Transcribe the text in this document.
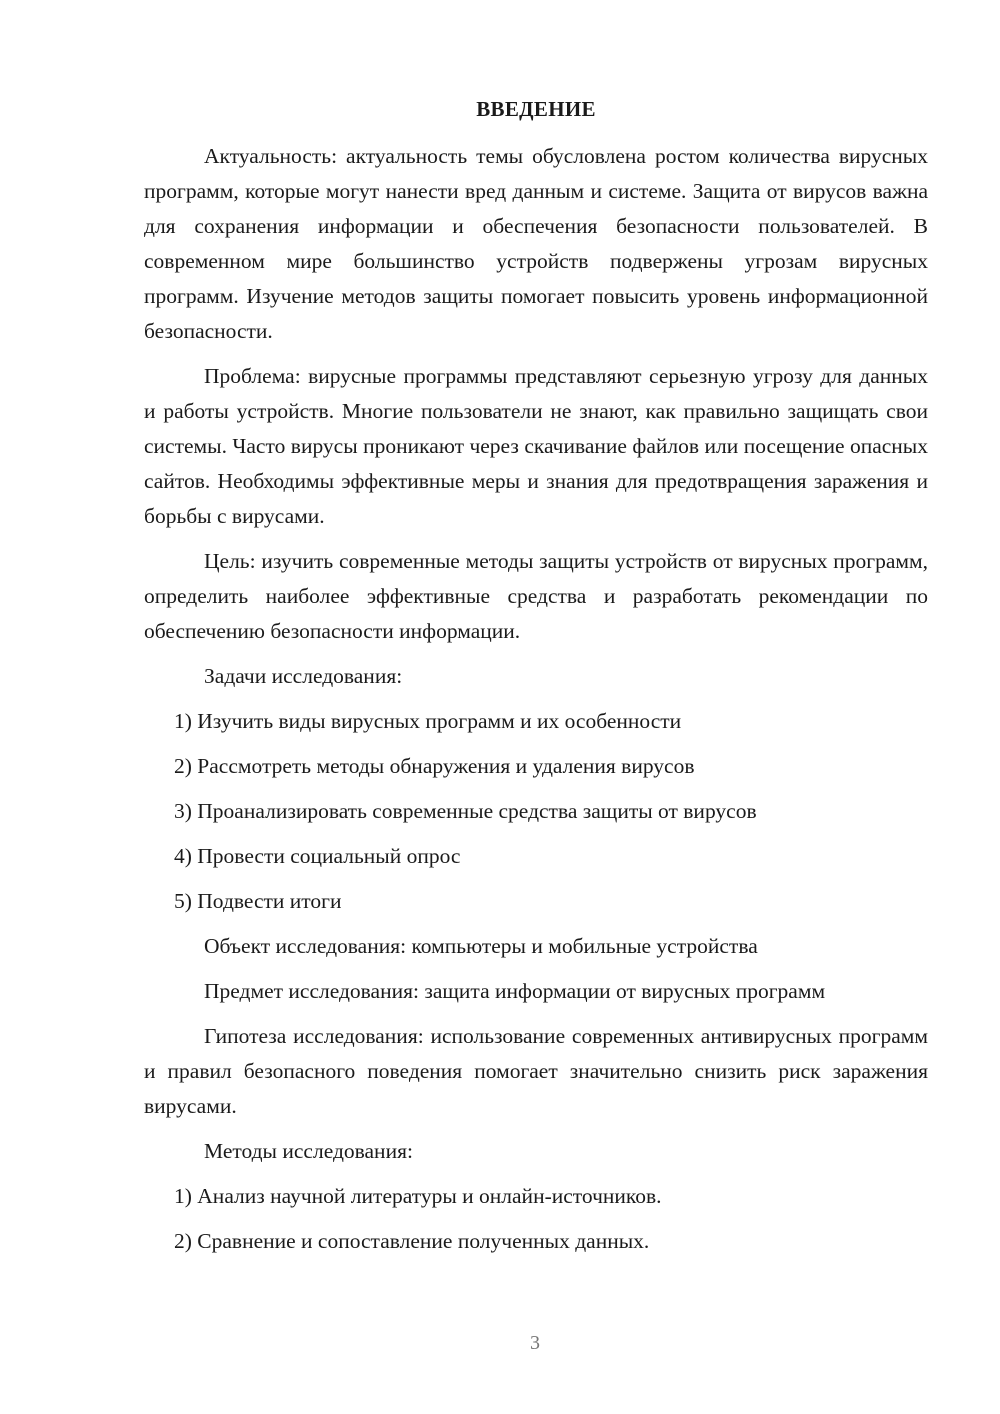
ВВЕДЕНИЕ
Актуальность: актуальность темы обусловлена ростом количества вирусных программ, которые могут нанести вред данным и системе. Защита от вирусов важна для сохранения информации и обеспечения безопасности пользователей. В современном мире большинство устройств подвержены угрозам вирусных программ. Изучение методов защиты помогает повысить уровень информационной безопасности.
Проблема: вирусные программы представляют серьезную угрозу для данных и работы устройств. Многие пользователи не знают, как правильно защищать свои системы. Часто вирусы проникают через скачивание файлов или посещение опасных сайтов. Необходимы эффективные меры и знания для предотвращения заражения и борьбы с вирусами.
Цель: изучить современные методы защиты устройств от вирусных программ, определить наиболее эффективные средства и разработать рекомендации по обеспечению безопасности информации.
Задачи исследования:
1) Изучить виды вирусных программ и их особенности
2) Рассмотреть методы обнаружения и удаления вирусов
3) Проанализировать современные средства защиты от вирусов
4) Провести социальный опрос
5) Подвести итоги
Объект исследования: компьютеры и мобильные устройства
Предмет исследования: защита информации от вирусных программ
Гипотеза исследования: использование современных антивирусных программ и правил безопасного поведения помогает значительно снизить риск заражения вирусами.
Методы исследования:
1) Анализ научной литературы и онлайн-источников.
2) Сравнение и сопоставление полученных данных.
3
